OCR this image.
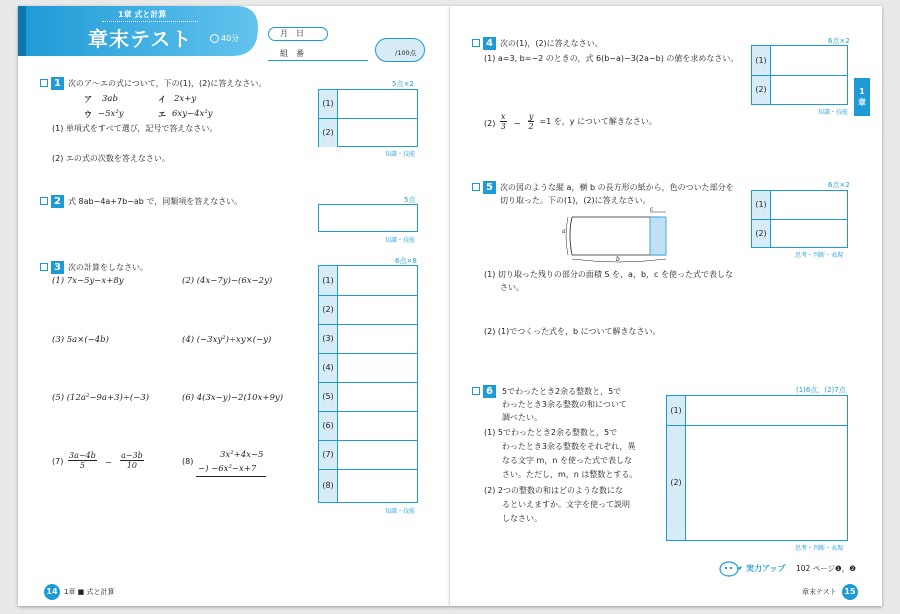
1章 式と計算
章末テスト	40分
月　日
組　番	/100点
1 次のア～エの式について，下の(1)，(2)に答えなさい。
ア 3ab	イ 2x+y
ウ −5x²y	エ 6xy−4x²y
(1) 単項式をすべて選び，記号で答えなさい。
(2) エの式の次数を答えなさい。
5点×2
(1)
(2)
知識・技能
2 式 8ab−4a+7b−ab で，同類項を答えなさい。	5点
知識・技能
3 次の計算をしなさい。
(1) 7x−5y−x+8y	(2) (4x−7y)−(6x−2y)
(3) 5a×(−4b)	(4) (−3xy²)÷xy×(−y)
(5) (12a²−9a+3)÷(−3)	(6) 4(3x−y)−2(10x+9y)
$(7) \frac{3a-4b}{5} - \frac{a-3b}{10}$	(8)
3x²+4x−5
−) −6x²−x+7
6点×8
(1)
(2)
(3)
(4)
(5)
(6)
(7)
(8)
知識・技能
14 1章 ■ 式と計算
4 次の(1)，(2)に答えなさい。
(1) a=3, b=−2 のときの，式 6(b−a)−3(2a−b) の値を求めなさい。
$(2) \frac{x}{3} - \frac{y}{2} =1$ を，y について解きなさい。
6点×2
(1)
(2)
知識・技能
1
章
5 次の図のような縦 a，横 b の長方形の紙から，色のついた部分を
切り取った。下の(1)，(2)に答えなさい。
a
b
c
(1) 切り取った残りの部分の面積 S を，a，b，c を使った式で表しな
さい。
(2) (1)でつくった式を，b について解きなさい。
6点×2
(1)
(2)
思考・判断・表現
6	5でわったとき2余る整数と，5で
わったとき3余る整数の和について
調べたい。
(1) 5でわったとき2余る整数と，5で
わったとき3余る整数をそれぞれ，異
なる文字 m，n を使った式で表しな
さい。ただし，m，n は整数とする。
(2) 2つの整数の和はどのような数にな
るといえますか。文字を使って説明
しなさい。
(1)6点，(2)7点
(1)
(2)
思考・判断・表現
実力アップ 102 ページ❶，❷
章末テスト 15
